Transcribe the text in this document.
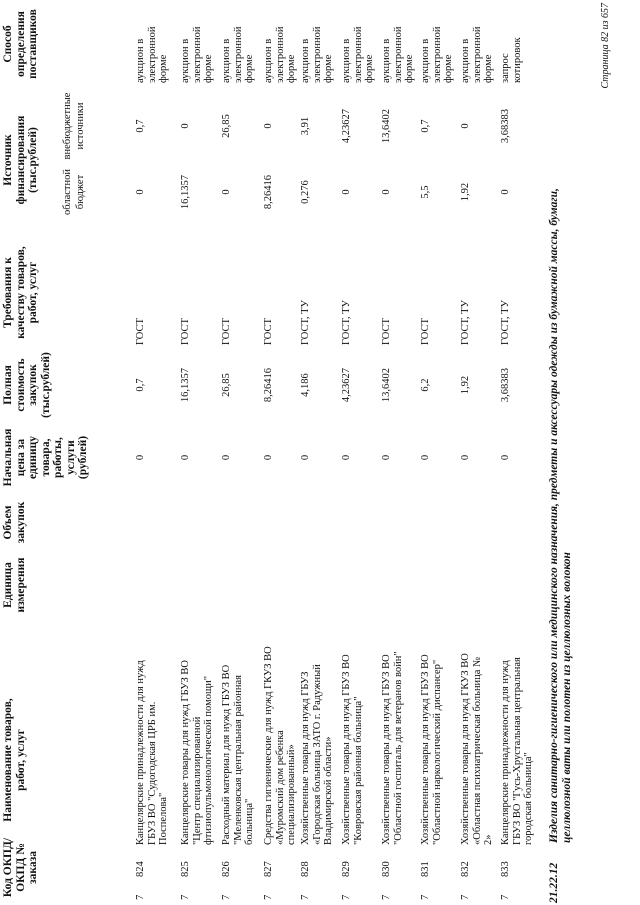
Код ОКПД/ ОКПД № заказа
Наименование товаров, работ, услуг
Единица измерения
Объем закупок
Начальная цена за единицу товара, работы, услуги (рублей)
Полная стоимость закупок (тыс.рублей)
Требования к качеству товаров, работ, услуг
Источник финансирования (тыс.рублей) областной бюджет
внебюджетные источники
Способ определения поставщиков
7
824
Канцелярские принадлежности для нужд ГБУЗ ВО "Судогодская ЦРБ им. Поспелова"
0
0,7
ГОСТ
0
0,7
аукцион в электронной форме
7
825
Канцелярские товары для нужд ГБУЗ ВО "Центр специализированной фтизиопульмонологической помощи"
0
16,1357
ГОСТ
16,1357
0
аукцион в электронной форме
7
826
Расходный материал для нужд ГБУЗ ВО "Меленковская центральная районная больница"
0
26,85
ГОСТ
0
26,85
аукцион в электронной форме
7
827
Средства гигиенические для нужд ГКУЗ ВО «Муромский дом ребенка специализированный»
0
8,26416
ГОСТ
8,26416
0
аукцион в электронной форме
7
828
Хозяйственные товары для нужд ГБУЗ «Городская больница ЗАТО г. Радужный Владимирской области»
0
4,186
ГОСТ, ТУ
0,276
3,91
аукцион в электронной форме
7
829
Хозяйственные товары для нужд ГБУЗ ВО "Ковровская районная больница"
0
4,23627
ГОСТ, ТУ
0
4,23627
аукцион в электронной форме
7
830
Хозяйственные товары для нужд ГБУЗ ВО "Областной госпиталь для ветеранов войн"
0
13,6402
ГОСТ
0
13,6402
аукцион в электронной форме
7
831
Хозяйственные товары для нужд ГБУЗ ВО "Областной наркологический диспансер"
0
6,2
ГОСТ
5,5
0,7
аукцион в электронной форме
7
832
Хозяйственные товары для нужд ГКУЗ ВО «Областная психиатрическая больница № 2»
0
1,92
ГОСТ, ТУ
1,92
0
аукцион в электронной форме
7
833
Канцелярские принадлежности для нужд ГБУЗ ВО "Гусь-Хрустальная центральная городская больница"
0
3,68383
ГОСТ, ТУ
0
3,68383
запрос котировок
21.22.12
Изделия санитарно-гигиенического или медицинского назначения, предметы и аксессуары одежды из бумажной массы, бумаги, целлюлозной ваты или полотен из целлюлозных волокон
Страница 82 из 657
